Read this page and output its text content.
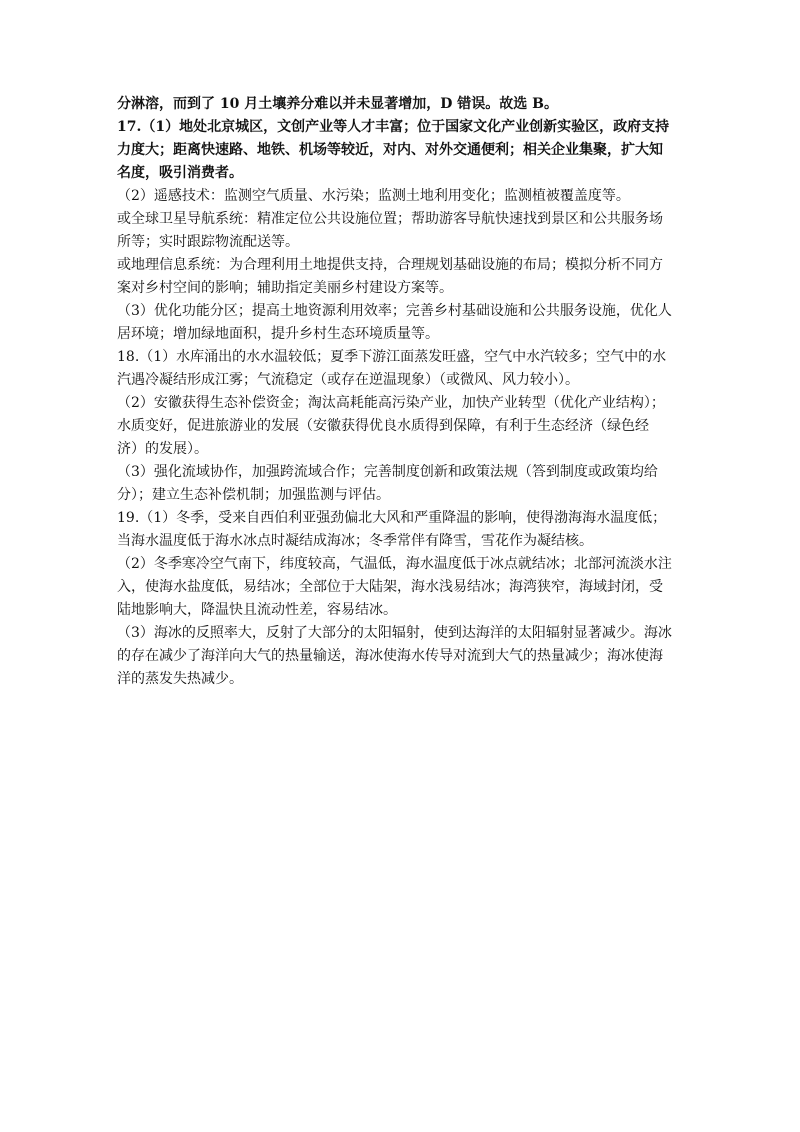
分淋溶，而到了 10 月土壤养分难以并未显著增加，D 错误。故选 B。
17.（1）地处北京城区，文创产业等人才丰富；位于国家文化产业创新实验区，政府支持
力度大；距离快速路、地铁、机场等较近，对内、对外交通便利；相关企业集聚，扩大知
名度，吸引消费者。
（2）遥感技术：监测空气质量、水污染；监测土地利用变化；监测植被覆盖度等。
或全球卫星导航系统：精准定位公共设施位置；帮助游客导航快速找到景区和公共服务场
所等；实时跟踪物流配送等。
或地理信息系统：为合理利用土地提供支持，合理规划基础设施的布局；模拟分析不同方
案对乡村空间的影响；辅助指定美丽乡村建设方案等。
（3）优化功能分区；提高土地资源利用效率；完善乡村基础设施和公共服务设施，优化人
居环境；增加绿地面积，提升乡村生态环境质量等。
18.（1）水库涌出的水水温较低；夏季下游江面蒸发旺盛，空气中水汽较多；空气中的水
汽遇冷凝结形成江雾；气流稳定（或存在逆温现象）（或微风、风力较小）。
（2）安徽获得生态补偿资金；淘汰高耗能高污染产业，加快产业转型（优化产业结构）；
水质变好，促进旅游业的发展（安徽获得优良水质得到保障，有利于生态经济（绿色经
济）的发展）。
（3）强化流域协作，加强跨流域合作；完善制度创新和政策法规（答到制度或政策均给
分）；建立生态补偿机制；加强监测与评估。
19.（1）冬季，受来自西伯利亚强劲偏北大风和严重降温的影响，使得渤海海水温度低；
当海水温度低于海水冰点时凝结成海冰；冬季常伴有降雪，雪花作为凝结核。
（2）冬季寒冷空气南下，纬度较高，气温低，海水温度低于冰点就结冰；北部河流淡水注
入，使海水盐度低，易结冰；全部位于大陆架，海水浅易结冰；海湾狭窄，海域封闭，受
陆地影响大，降温快且流动性差，容易结冰。
（3）海冰的反照率大，反射了大部分的太阳辐射，使到达海洋的太阳辐射显著减少。海冰
的存在减少了海洋向大气的热量输送，海冰使海水传导对流到大气的热量减少；海冰使海
洋的蒸发失热减少。
